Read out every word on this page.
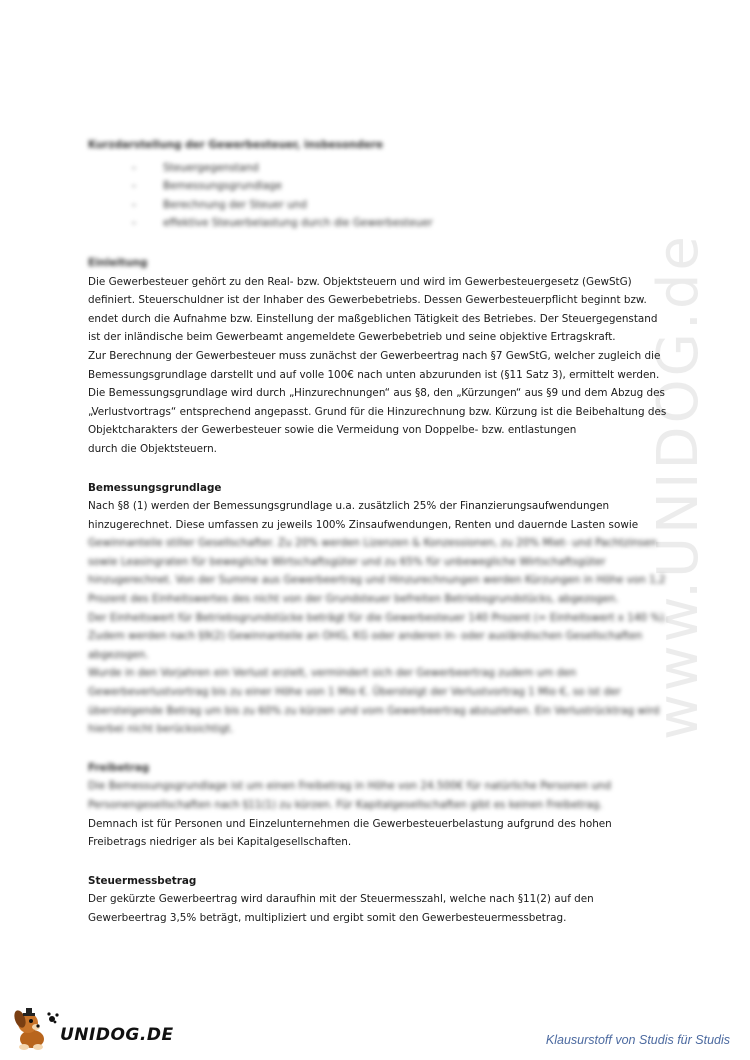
www.UNIDOG.de

Kurzdarstellung der Gewerbesteuer, insbesondere

- Steuergegenstand
- Bemessungsgrundlage
- Berechnung der Steuer und
- effektive Steuerbelastung durch die Gewerbesteuer

Einleitung

Die Gewerbesteuer gehört zu den Real- bzw. Objektsteuern und wird im Gewerbesteuergesetz (GewStG) definiert. Steuerschuldner ist der Inhaber des Gewerbebetriebs. Dessen Gewerbesteuerpflicht beginnt bzw. endet durch die Aufnahme bzw. Einstellung der maßgeblichen Tätigkeit des Betriebes. Der Steuergegenstand ist der inländische beim Gewerbeamt angemeldete Gewerbebetrieb und seine objektive Ertragskraft.

Zur Berechnung der Gewerbesteuer muss zunächst der Gewerbeertrag nach §7 GewStG, welcher zugleich die Bemessungsgrundlage darstellt und auf volle 100€ nach unten abzurunden ist (§11 Satz 3), ermittelt werden.

Die Bemessungsgrundlage wird durch „Hinzurechnungen“ aus §8, den „Kürzungen“ aus §9 und dem Abzug des „Verlustvortrags“ entsprechend angepasst. Grund für die Hinzurechnung bzw. Kürzung ist die Beibehaltung des Objektcharakters der Gewerbesteuer sowie die Vermeidung von Doppelbe- bzw. entlastungen

durch die Objektsteuern.

Bemessungsgrundlage

Nach §8 (1) werden der Bemessungsgrundlage u.a. zusätzlich 25% der Finanzierungsaufwendungen hinzugerechnet. Diese umfassen zu jeweils 100% Zinsaufwendungen, Renten und dauernde Lasten sowie

Gewinnanteile stiller Gesellschafter. Zu 20% werden Lizenzen & Konzessionen, zu 20% Miet- und Pachtzinsen sowie Leasingraten für bewegliche Wirtschaftsgüter und zu 65% für unbewegliche Wirtschaftsgüter hinzugerechnet. Von der Summe aus Gewerbeertrag und Hinzurechnungen werden Kürzungen in Höhe von 1,2 Prozent des Einheitswertes des nicht von der Grundsteuer befreiten Betriebsgrundstücks, abgezogen.

Der Einheitswert für Betriebsgrundstücke beträgt für die Gewerbesteuer 140 Prozent (= Einheitswert x 140 %). Zudem werden nach §9(2) Gewinnanteile an OHG, KG oder anderen in- oder ausländischen Gesellschaften abgezogen.

Wurde in den Vorjahren ein Verlust erzielt, vermindert sich der Gewerbeertrag zudem um den Gewerbeverlustvortrag bis zu einer Höhe von 1 Mio €. Übersteigt der Verlustvortrag 1 Mio €, so ist der übersteigende Betrag um bis zu 60% zu kürzen und vom Gewerbeertrag abzuziehen. Ein Verlustrücktrag wird hierbei nicht berücksichtigt.

Freibetrag

Die Bemessungsgrundlage ist um einen Freibetrag in Höhe von 24.500€ für natürliche Personen und Personengesellschaften nach §11(1) zu kürzen. Für Kapitalgesellschaften gibt es keinen Freibetrag.

Demnach ist für Personen und Einzelunternehmen die Gewerbesteuerbelastung aufgrund des hohen Freibetrags niedriger als bei Kapitalgesellschaften.

Steuermessbetrag

Der gekürzte Gewerbeertrag wird daraufhin mit der Steuermesszahl, welche nach §11(2) auf den Gewerbeertrag 3,5% beträgt, multipliziert und ergibt somit den Gewerbesteuermessbetrag.

UNIDOG.DE	Klausurstoff von Studis für Studis
